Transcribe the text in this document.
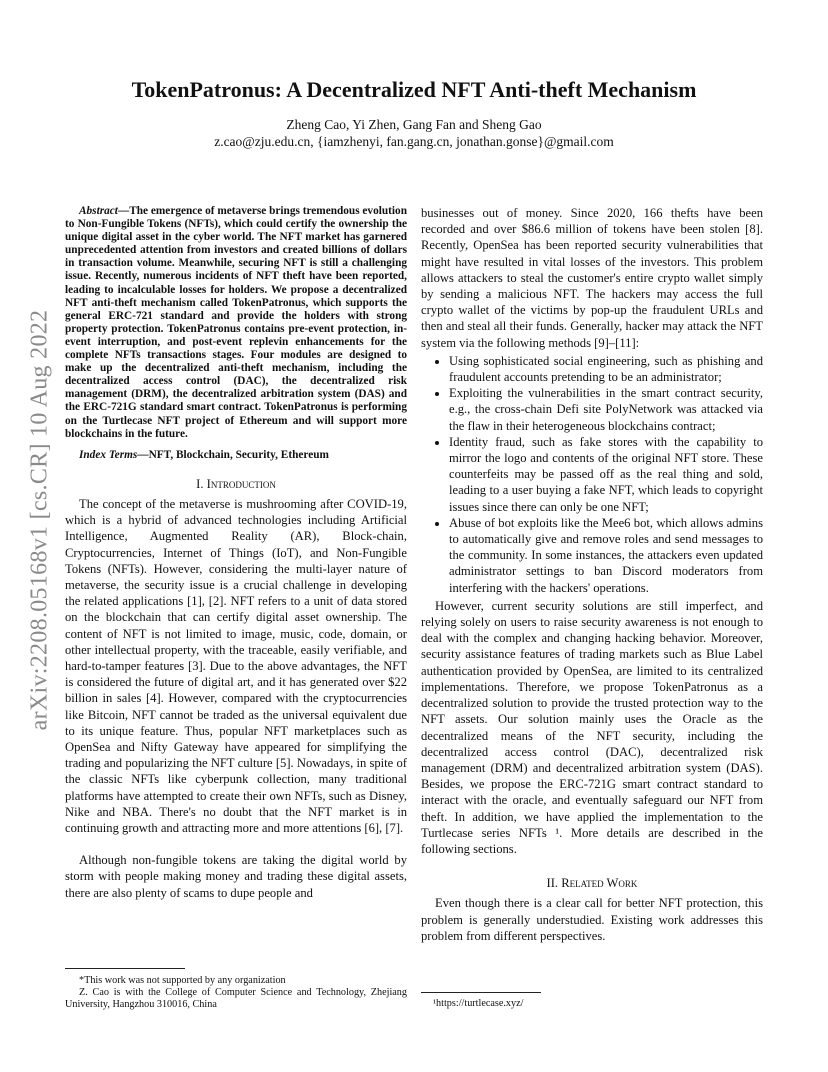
arXiv:2208.05168v1 [cs.CR] 10 Aug 2022
TokenPatronus: A Decentralized NFT Anti-theft Mechanism
Zheng Cao, Yi Zhen, Gang Fan and Sheng Gao
z.cao@zju.edu.cn, {iamzhenyi, fan.gang.cn, jonathan.gonse}@gmail.com

Abstract—The emergence of metaverse brings tremendous evolution to Non-Fungible Tokens (NFTs), which could certify the ownership the unique digital asset in the cyber world. The NFT market has garnered unprecedented attention from investors and created billions of dollars in transaction volume. Meanwhile, securing NFT is still a challenging issue. Recently, numerous incidents of NFT theft have been reported, leading to incalculable losses for holders. We propose a decentralized NFT anti-theft mechanism called TokenPatronus, which supports the general ERC-721 standard and provide the holders with strong property protection. TokenPatronus contains pre-event protection, in-event interruption, and post-event replevin enhancements for the complete NFTs transactions stages. Four modules are designed to make up the decentralized anti-theft mechanism, including the decentralized access control (DAC), the decentralized risk management (DRM), the decentralized arbitration system (DAS) and the ERC-721G standard smart contract. TokenPatronus is performing on the Turtlecase NFT project of Ethereum and will support more blockchains in the future.

Index Terms—NFT, Blockchain, Security, Ethereum

I. Introduction

The concept of the metaverse is mushrooming after COVID-19, which is a hybrid of advanced technologies including Artificial Intelligence, Augmented Reality (AR), Block-chain, Cryptocurrencies, Internet of Things (IoT), and Non-Fungible Tokens (NFTs). However, considering the multi-layer nature of metaverse, the security issue is a crucial challenge in developing the related applications [1], [2]. NFT refers to a unit of data stored on the blockchain that can certify digital asset ownership. The content of NFT is not limited to image, music, code, domain, or other intellectual property, with the traceable, easily verifiable, and hard-to-tamper features [3]. Due to the above advantages, the NFT is considered the future of digital art, and it has generated over $22 billion in sales [4]. However, compared with the cryptocurrencies like Bitcoin, NFT cannot be traded as the universal equivalent due to its unique feature. Thus, popular NFT marketplaces such as OpenSea and Nifty Gateway have appeared for simplifying the trading and popularizing the NFT culture [5]. Nowadays, in spite of the classic NFTs like cyberpunk collection, many traditional platforms have attempted to create their own NFTs, such as Disney, Nike and NBA. There's no doubt that the NFT market is in continuing growth and attracting more and more attentions [6], [7].

Although non-fungible tokens are taking the digital world by storm with people making money and trading these digital assets, there are also plenty of scams to dupe people and

*This work was not supported by any organization
Z. Cao is with the College of Computer Science and Technology, Zhejiang University, Hangzhou 310016, China

businesses out of money. Since 2020, 166 thefts have been recorded and over $86.6 million of tokens have been stolen [8]. Recently, OpenSea has been reported security vulnerabilities that might have resulted in vital losses of the investors. This problem allows attackers to steal the customer's entire crypto wallet simply by sending a malicious NFT. The hackers may access the full crypto wallet of the victims by pop-up the fraudulent URLs and then and steal all their funds. Generally, hacker may attack the NFT system via the following methods [9]–[11]:

• Using sophisticated social engineering, such as phishing and fraudulent accounts pretending to be an administrator;
• Exploiting the vulnerabilities in the smart contract security, e.g., the cross-chain Defi site PolyNetwork was attacked via the flaw in their heterogeneous blockchains contract;
• Identity fraud, such as fake stores with the capability to mirror the logo and contents of the original NFT store. These counterfeits may be passed off as the real thing and sold, leading to a user buying a fake NFT, which leads to copyright issues since there can only be one NFT;
• Abuse of bot exploits like the Mee6 bot, which allows admins to automatically give and remove roles and send messages to the community. In some instances, the attackers even updated administrator settings to ban Discord moderators from interfering with the hackers' operations.

However, current security solutions are still imperfect, and relying solely on users to raise security awareness is not enough to deal with the complex and changing hacking behavior. Moreover, security assistance features of trading markets such as Blue Label authentication provided by OpenSea, are limited to its centralized implementations. Therefore, we propose TokenPatronus as a decentralized solution to provide the trusted protection way to the NFT assets. Our solution mainly uses the Oracle as the decentralized means of the NFT security, including the decentralized access control (DAC), decentralized risk management (DRM) and decentralized arbitration system (DAS). Besides, we propose the ERC-721G smart contract standard to interact with the oracle, and eventually safeguard our NFT from theft. In addition, we have applied the implementation to the Turtlecase series NFTs ¹. More details are described in the following sections.

II. Related Work

Even though there is a clear call for better NFT protection, this problem is generally understudied. Existing work addresses this problem from different perspectives.

¹https://turtlecase.xyz/
